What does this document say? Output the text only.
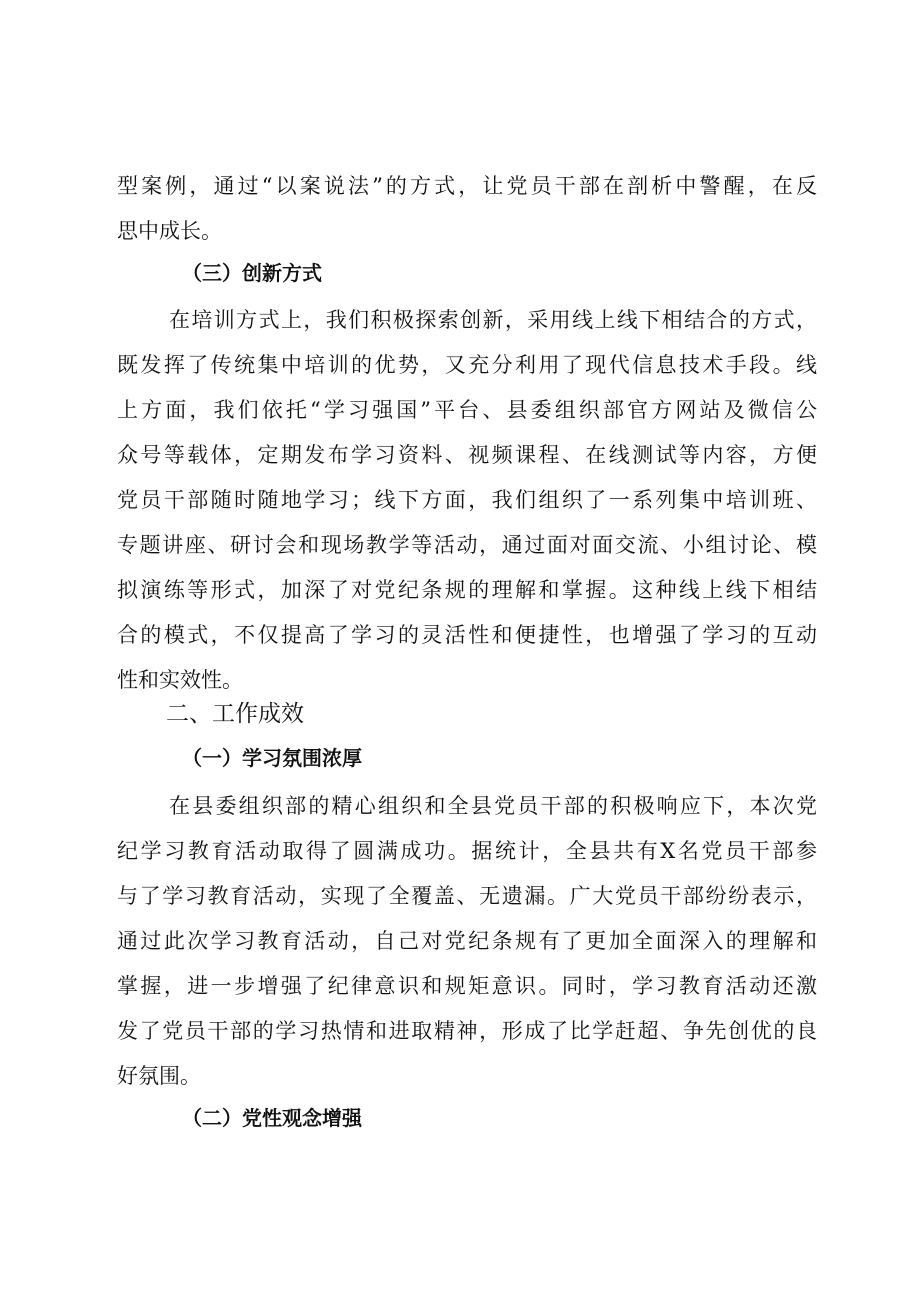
型案例，通过“以案说法”的方式，让党员干部在剖析中警醒，在反
思中成长。
（三）创新方式
在培训方式上，我们积极探索创新，采用线上线下相结合的方式，
既发挥了传统集中培训的优势，又充分利用了现代信息技术手段。线
上方面，我们依托“学习强国”平台、县委组织部官方网站及微信公
众号等载体，定期发布学习资料、视频课程、在线测试等内容，方便
党员干部随时随地学习；线下方面，我们组织了一系列集中培训班、
专题讲座、研讨会和现场教学等活动，通过面对面交流、小组讨论、模
拟演练等形式，加深了对党纪条规的理解和掌握。这种线上线下相结
合的模式，不仅提高了学习的灵活性和便捷性，也增强了学习的互动
性和实效性。
二、工作成效
（一）学习氛围浓厚
在县委组织部的精心组织和全县党员干部的积极响应下，本次党
纪学习教育活动取得了圆满成功。据统计，全县共有X名党员干部参
与了学习教育活动，实现了全覆盖、无遗漏。广大党员干部纷纷表示，
通过此次学习教育活动，自己对党纪条规有了更加全面深入的理解和
掌握，进一步增强了纪律意识和规矩意识。同时，学习教育活动还激
发了党员干部的学习热情和进取精神，形成了比学赶超、争先创优的良
好氛围。
（二）党性观念增强
